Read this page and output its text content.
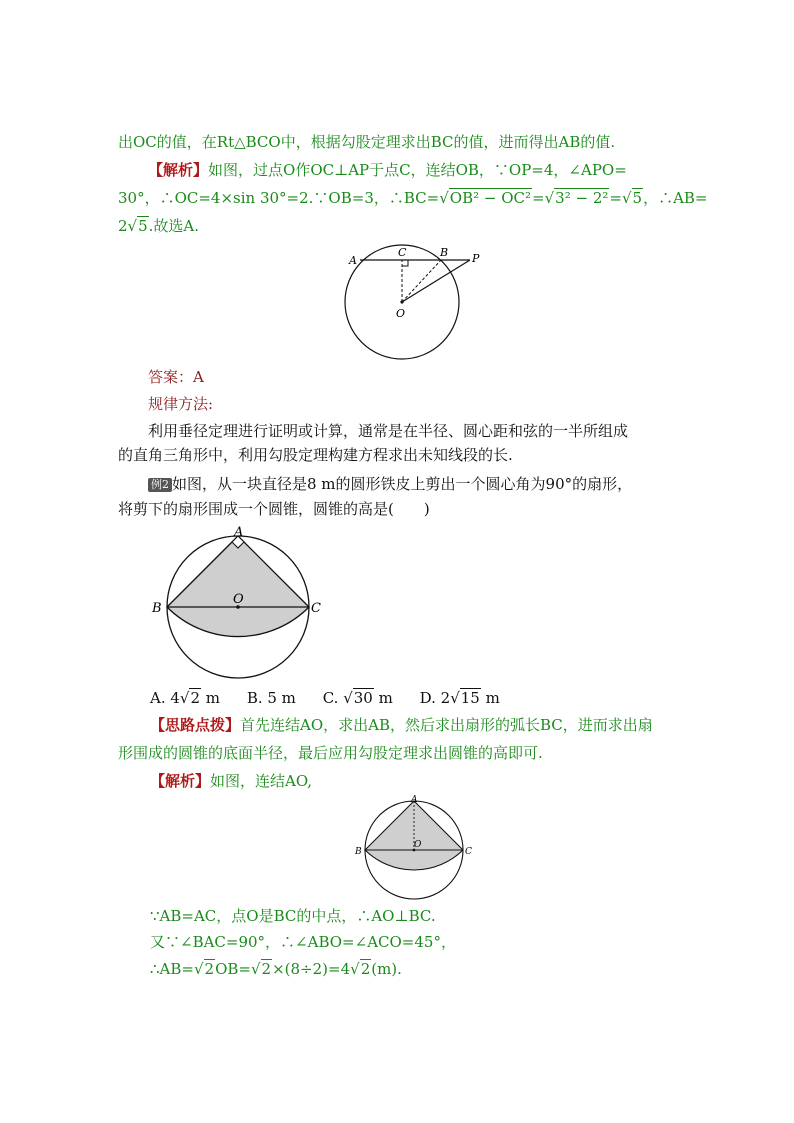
出OC的值，在Rt△BCO中，根据勾股定理求出BC的值，进而得出AB的值.
【解析】如图，过点O作OC⊥AP于点C，连结OB，∵OP=4，∠APO=
30°，∴OC=4×sin 30°=2.∵OB=3，∴BC=√OB² − OC²=√3² − 2²=√5，∴AB=
2√5.故选A.
A
C	B P
O
答案：A
规律方法:
利用垂径定理进行证明或计算，通常是在半径、圆心距和弦的一半所组成
的直角三角形中，利用勾股定理构建方程求出未知线段的长.
例2 如图，从一块直径是8 m的圆形铁皮上剪出一个圆心角为90°的扇形，
将剪下的扇形围成一个圆锥，圆锥的高是(　　)
A
B	C
O
A. 4√2 m B. 5 m C. √30 m D. 2√15 m
【思路点拨】首先连结AO，求出AB，然后求出扇形的弧长BC，进而求出扇
形围成的圆锥的底面半径，最后应用勾股定理求出圆锥的高即可.
【解析】如图，连结AO,
A
B	C
O
∵AB=AC，点O是BC的中点，∴AO⊥BC.
又∵∠BAC=90°，∴∠ABO=∠ACO=45°，
∴AB=√2OB=√2×(8÷2)=4√2(m).
